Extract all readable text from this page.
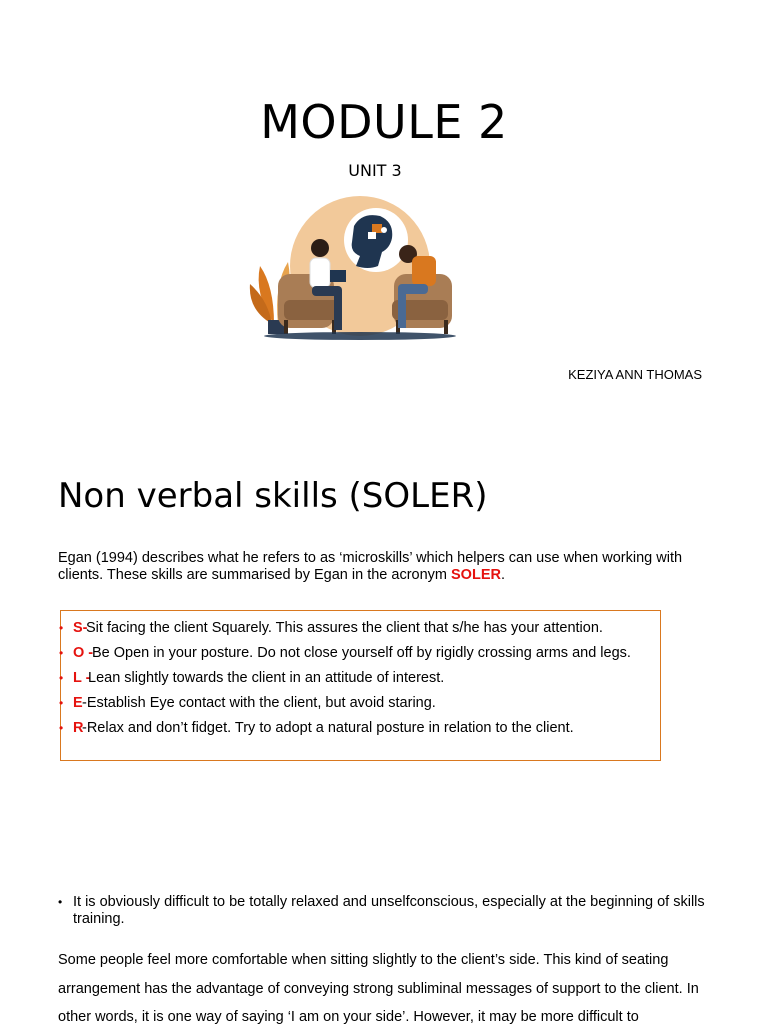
MODULE 2
UNIT 3
KEZIYA ANN THOMAS
Non verbal skills (SOLER)
Egan (1994) describes what he refers to as ‘microskills’ which helpers can use when working with clients. These skills are summarised by Egan in the acronym SOLER.
• S-
Sit facing the client Squarely. This assures the client that s/he has your attention.
• O -
Be Open in your posture. Do not close yourself off by rigidly crossing arms and legs.
• L -
Lean slightly towards the client in an attitude of interest.
• E -Establish Eye contact with the client, but avoid staring.
• R
-Relax and don’t fidget. Try to adopt a natural posture in relation to the client.
• It is obviously difficult to be totally relaxed and unselfconscious, especially at the beginning of skills training.
Some people feel more comfortable when sitting slightly to the client’s side. This kind of seating arrangement has the advantage of conveying strong subliminal messages of support to the client. In other words, it is one way of saying ‘I am on your side’. However, it may be more difficult to
